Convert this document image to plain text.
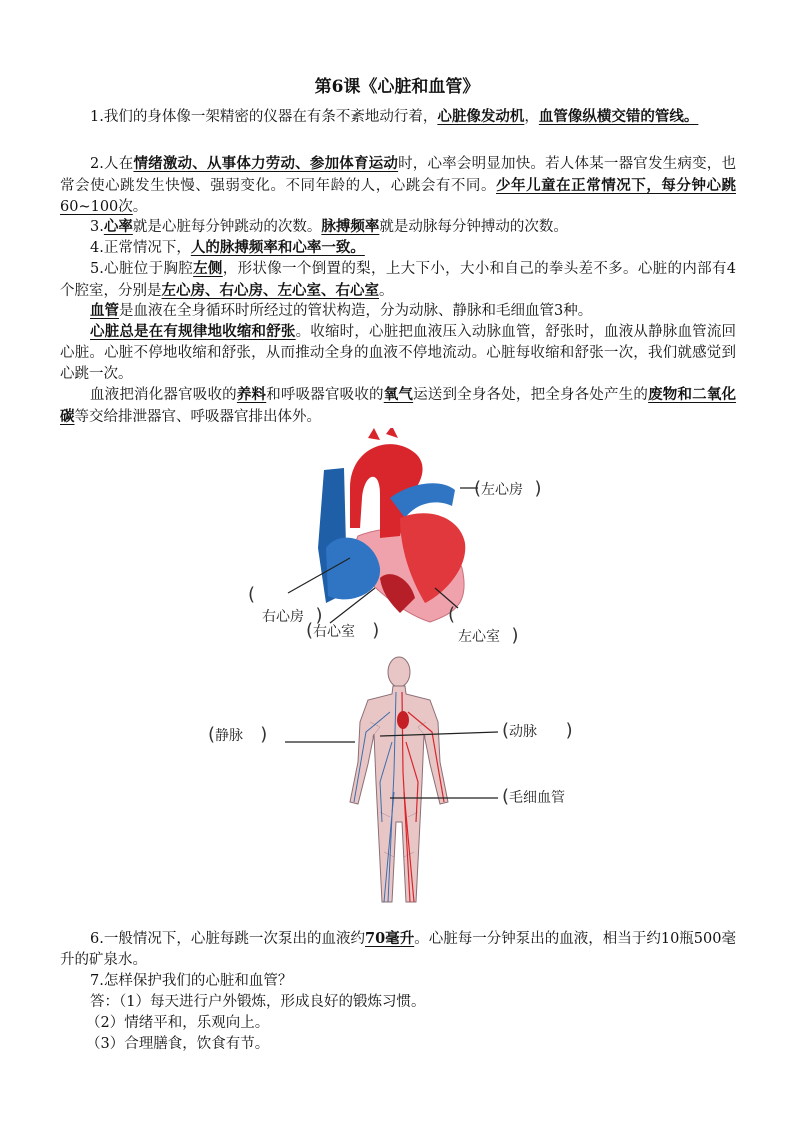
第6课《心脏和血管》
1.我们的身体像一架精密的仪器在有条不紊地动行着，心脏像发动机，血管像纵横交错的管线。
2.人在情绪激动、从事体力劳动、参加体育运动时，心率会明显加快。若人体某一器官发生病变，也常会使心跳发生快慢、强弱变化。不同年龄的人，心跳会有不同。少年儿童在正常情况下，每分钟心跳60~100次。
3.心率就是心脏每分钟跳动的次数。脉搏频率就是动脉每分钟搏动的次数。
4.正常情况下，人的脉搏频率和心率一致。
5.心脏位于胸腔左侧，形状像一个倒置的梨，上大下小，大小和自己的拳头差不多。心脏的内部有4个腔室，分别是左心房、右心房、左心室、右心室。
血管是血液在全身循环时所经过的管状构造，分为动脉、静脉和毛细血管3种。
心脏总是在有规律地收缩和舒张。收缩时，心脏把血液压入动脉血管，舒张时，血液从静脉血管流回心脏。心脏不停地收缩和舒张，从而推动全身的血液不停地流动。心脏每收缩和舒张一次，我们就感觉到心跳一次。
血液把消化器官吸收的养料和呼吸器官吸收的氧气运送到全身各处，把全身各处产生的废物和二氧化碳等交给排泄器官、呼吸器官排出体外。
(左心房  )
(
右心房  )
(右心室   )
(
左心室  )
(静脉   )	(动脉     )
(毛细血管
6.一般情况下，心脏每跳一次泵出的血液约70毫升。心脏每一分钟泵出的血液，相当于约10瓶500毫升的矿泉水。
7.怎样保护我们的心脏和血管？
答：（1）每天进行户外锻炼，形成良好的锻炼习惯。
（2）情绪平和，乐观向上。
（3）合理膳食，饮食有节。
